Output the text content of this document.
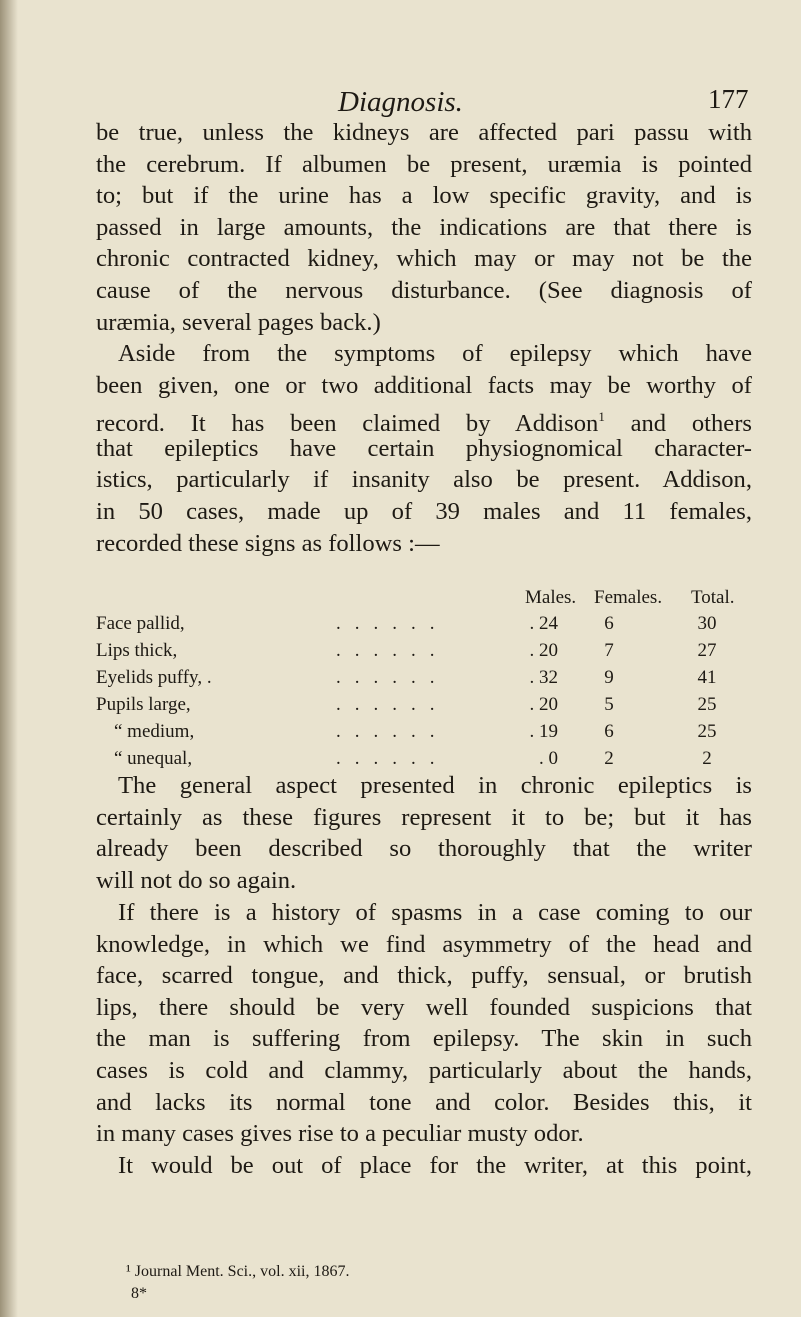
Diagnosis.	177
be true, unless the kidneys are affected pari passu with
the cerebrum. If albumen be present, uræmia is pointed
to; but if the urine has a low specific gravity, and is
passed in large amounts, the indications are that there is
chronic contracted kidney, which may or may not be the
cause of the nervous disturbance. (See diagnosis of
uræmia, several pages back.)
Aside from the symptoms of epilepsy which have
been given, one or two additional facts may be worthy of
record. It has been claimed by Addison$^1$ and others
that epileptics have certain physiognomical character-
istics, particularly if insanity also be present. Addison,
in 50 cases, made up of 39 males and 11 females,
recorded these signs as follows :—
Males. Females. Total.
Face pallid,	......	. 24	6	30
Lips thick,	......	. 20	7	27
Eyelids puffy, .	......	. 32	9	41
Pupils large,	......	. 20	5	25
“ medium,	......	. 19	6	25
“ unequal,	......	. 0	2	2
The general aspect presented in chronic epileptics is
certainly as these figures represent it to be; but it has
already been described so thoroughly that the writer
will not do so again.
If there is a history of spasms in a case coming to our
knowledge, in which we find asymmetry of the head and
face, scarred tongue, and thick, puffy, sensual, or brutish
lips, there should be very well founded suspicions that
the man is suffering from epilepsy. The skin in such
cases is cold and clammy, particularly about the hands,
and lacks its normal tone and color. Besides this, it
in many cases gives rise to a peculiar musty odor.
It would be out of place for the writer, at this point,
¹ Journal Ment. Sci., vol. xii, 1867.
8*
